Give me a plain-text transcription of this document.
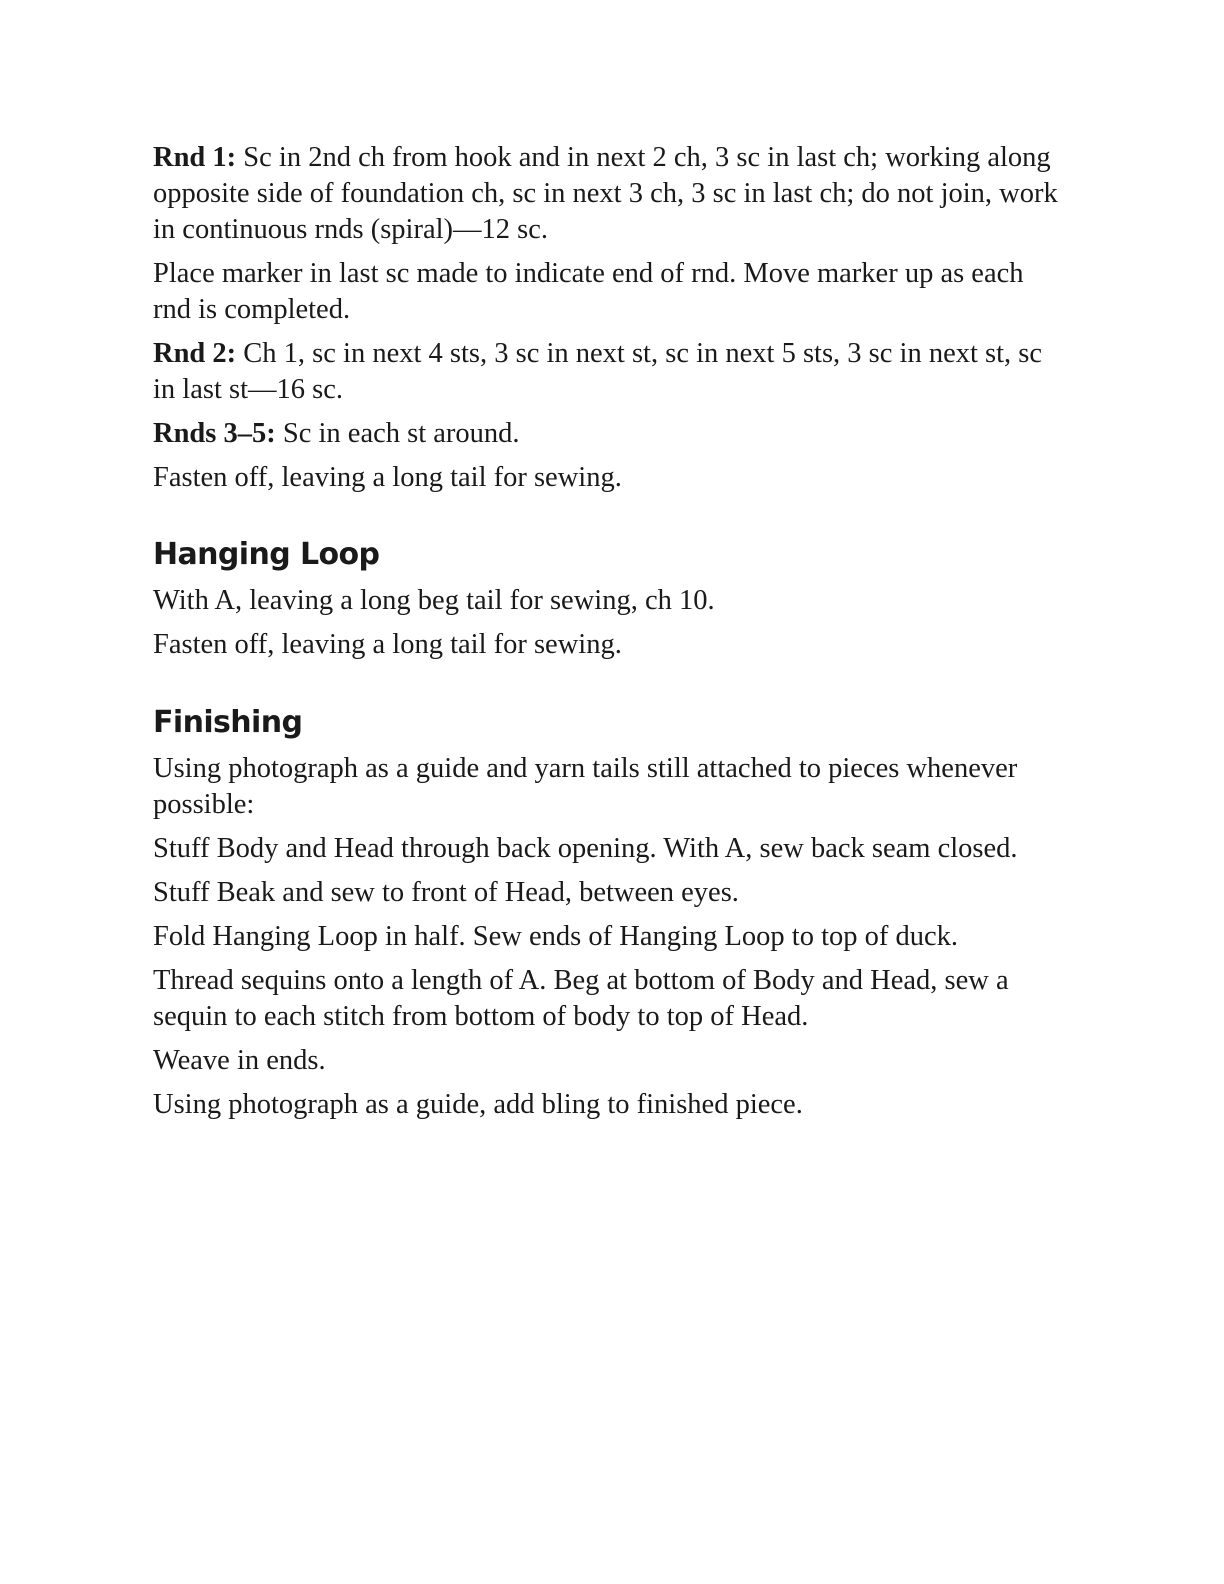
Rnd 1: Sc in 2nd ch from hook and in next 2 ch, 3 sc in last ch; working along opposite side of foundation ch, sc in next 3 ch, 3 sc in last ch; do not join, work in continuous rnds (spiral)—12 sc.

Place marker in last sc made to indicate end of rnd. Move marker up as each rnd is completed.

Rnd 2: Ch 1, sc in next 4 sts, 3 sc in next st, sc in next 5 sts, 3 sc in next st, sc in last st—16 sc.

Rnds 3–5: Sc in each st around.

Fasten off, leaving a long tail for sewing.

Hanging Loop

With A, leaving a long beg tail for sewing, ch 10.

Fasten off, leaving a long tail for sewing.

Finishing

Using photograph as a guide and yarn tails still attached to pieces whenever possible:

Stuff Body and Head through back opening. With A, sew back seam closed.

Stuff Beak and sew to front of Head, between eyes.

Fold Hanging Loop in half. Sew ends of Hanging Loop to top of duck.

Thread sequins onto a length of A. Beg at bottom of Body and Head, sew a sequin to each stitch from bottom of body to top of Head.

Weave in ends.

Using photograph as a guide, add bling to finished piece.
